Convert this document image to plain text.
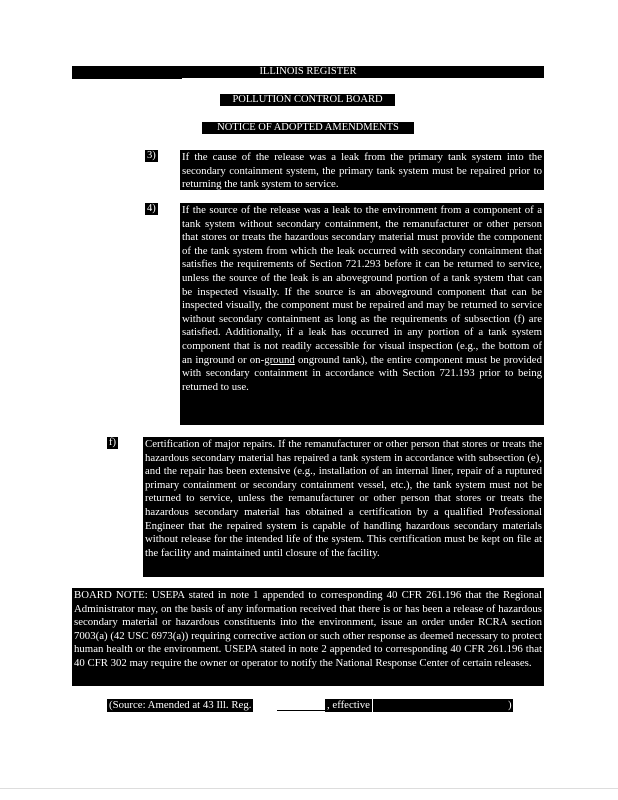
ILLINOIS REGISTER
POLLUTION CONTROL BOARD
NOTICE OF ADOPTED AMENDMENTS
3) If the cause of the release was a leak from the primary tank system into the secondary containment system, the primary tank system must be repaired prior to returning the tank system to service.
4) If the source of the release was a leak to the environment from a component of a tank system without secondary containment, the remanufacturer or other person that stores or treats the hazardous secondary material must provide the component of the tank system from which the leak occurred with secondary containment that satisfies the requirements of Section 721.293 before it can be returned to service, unless the source of the leak is an aboveground portion of a tank system that can be inspected visually. If the source is an aboveground component that can be inspected visually, the component must be repaired and may be returned to service without secondary containment as long as the requirements of subsection (f) are satisfied. Additionally, if a leak has occurred in any portion of a tank system component that is not readily accessible for visual inspection (e.g., the bottom of an inground or on-ground onground tank), the entire component must be provided with secondary containment in accordance with Section 721.193 prior to being returned to use.
f)	Certification of major repairs. If the remanufacturer or other person that stores or treats the hazardous secondary material has repaired a tank system in accordance with subsection (e), and the repair has been extensive (e.g., installation of an internal liner, repair of a ruptured primary containment or secondary containment vessel, etc.), the tank system must not be returned to service, unless the remanufacturer or other person that stores or treats the hazardous secondary material has obtained a certification by a qualified Professional Engineer that the repaired system is capable of handling hazardous secondary materials without release for the intended life of the system. This certification must be kept on file at the facility and maintained until closure of the facility.
BOARD NOTE: USEPA stated in note 1 appended to corresponding 40 CFR 261.196 that the Regional Administrator may, on the basis of any information received that there is or has been a release of hazardous secondary material or hazardous constituents into the environment, issue an order under RCRA section 7003(a) (42 USC 6973(a)) requiring corrective action or such other response as deemed necessary to protect human health or the environment. USEPA stated in note 2 appended to corresponding 40 CFR 261.196 that 40 CFR 302 may require the owner or operator to notify the National Response Center of certain releases.
(Source: Amended at 43 Ill. Reg.	, effective	)
